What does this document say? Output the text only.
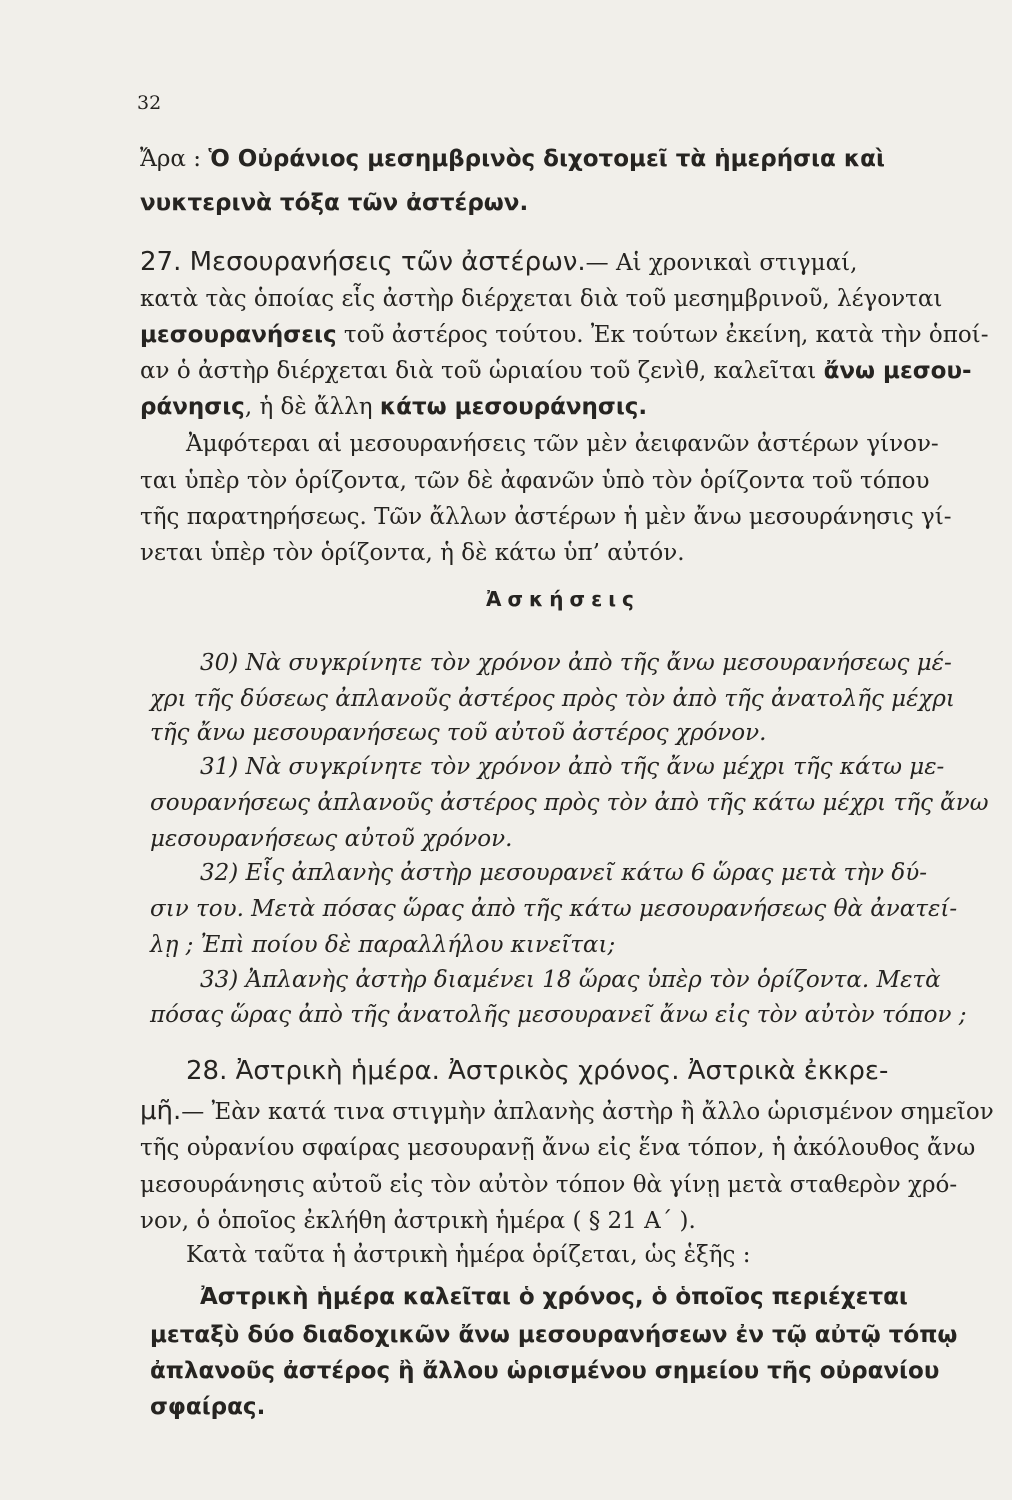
32
Ἄρα : Ὁ Οὐράνιος μεσημβρινὸς διχοτομεῖ τὰ ἡμερήσια καὶ
νυκτερινὰ τόξα τῶν ἀστέρων.
27. Μεσουρανήσεις τῶν ἀστέρων.— Αἱ χρονικαὶ στιγμαί,
κατὰ τὰς ὁποίας εἷς ἀστὴρ διέρχεται διὰ τοῦ μεσημβρινοῦ, λέγονται
μεσουρανήσεις τοῦ ἀστέρος τούτου. Ἐκ τούτων ἐκείνη, κατὰ τὴν ὁποί-
αν ὁ ἀστὴρ διέρχεται διὰ τοῦ ὡριαίου τοῦ ζενὶθ, καλεῖται ἄνω μεσου-
ράνησις, ἡ δὲ ἄλλη κάτω μεσουράνησις.
Ἀμφότεραι αἱ μεσουρανήσεις τῶν μὲν ἀειφανῶν ἀστέρων γίνον-
ται ὑπὲρ τὸν ὁρίζοντα, τῶν δὲ ἀφανῶν ὑπὸ τὸν ὁρίζοντα τοῦ τόπου
τῆς παρατηρήσεως. Τῶν ἄλλων ἀστέρων ἡ μὲν ἄνω μεσουράνησις γί-
νεται ὑπὲρ τὸν ὁρίζοντα, ἡ δὲ κάτω ὑπ’ αὐτόν.
Ἀσκήσεις
30) Νὰ συγκρίνητε τὸν χρόνον ἀπὸ τῆς ἄνω μεσουρανήσεως μέ-
χρι τῆς δύσεως ἀπλανοῦς ἀστέρος πρὸς τὸν ἀπὸ τῆς ἀνατολῆς μέχρι
τῆς ἄνω μεσουρανήσεως τοῦ αὐτοῦ ἀστέρος χρόνον.
31) Νὰ συγκρίνητε τὸν χρόνον ἀπὸ τῆς ἄνω μέχρι τῆς κάτω με-
σουρανήσεως ἀπλανοῦς ἀστέρος πρὸς τὸν ἀπὸ τῆς κάτω μέχρι τῆς ἄνω
μεσουρανήσεως αὐτοῦ χρόνον.
32) Εἷς ἀπλανὴς ἀστὴρ μεσουρανεῖ κάτω 6 ὥρας μετὰ τὴν δύ-
σιν του. Μετὰ πόσας ὥρας ἀπὸ τῆς κάτω μεσουρανήσεως θὰ ἀνατεί-
λῃ ; Ἐπὶ ποίου δὲ παραλλήλου κινεῖται;
33) Ἀπλανὴς ἀστὴρ διαμένει 18 ὥρας ὑπὲρ τὸν ὁρίζοντα. Μετὰ
πόσας ὥρας ἀπὸ τῆς ἀνατολῆς μεσουρανεῖ ἄνω εἰς τὸν αὐτὸν τόπον ;
28. Ἀστρικὴ ἡμέρα. Ἀστρικὸς χρόνος. Ἀστρικὰ ἐκκρε-
μῆ.— Ἐὰν κατά τινα στιγμὴν ἀπλανὴς ἀστὴρ ἢ ἄλλο ὡρισμένον σημεῖον
τῆς οὐρανίου σφαίρας μεσουρανῇ ἄνω εἰς ἕνα τόπον, ἡ ἀκόλουθος ἄνω
μεσουράνησις αὐτοῦ εἰς τὸν αὐτὸν τόπον θὰ γίνῃ μετὰ σταθερὸν χρό-
νον, ὁ ὁποῖος ἐκλήθη ἀστρικὴ ἡμέρα ( § 21 Α΄ ).
Κατὰ ταῦτα ἡ ἀστρικὴ ἡμέρα ὁρίζεται, ὡς ἑξῆς :
Ἀστρικὴ ἡμέρα καλεῖται ὁ χρόνος, ὁ ὁποῖος περιέχεται
μεταξὺ δύο διαδοχικῶν ἄνω μεσουρανήσεων ἐν τῷ αὐτῷ τόπῳ
ἀπλανοῦς ἀστέρος ἢ ἄλλου ὡρισμένου σημείου τῆς οὐρανίου
σφαίρας.
